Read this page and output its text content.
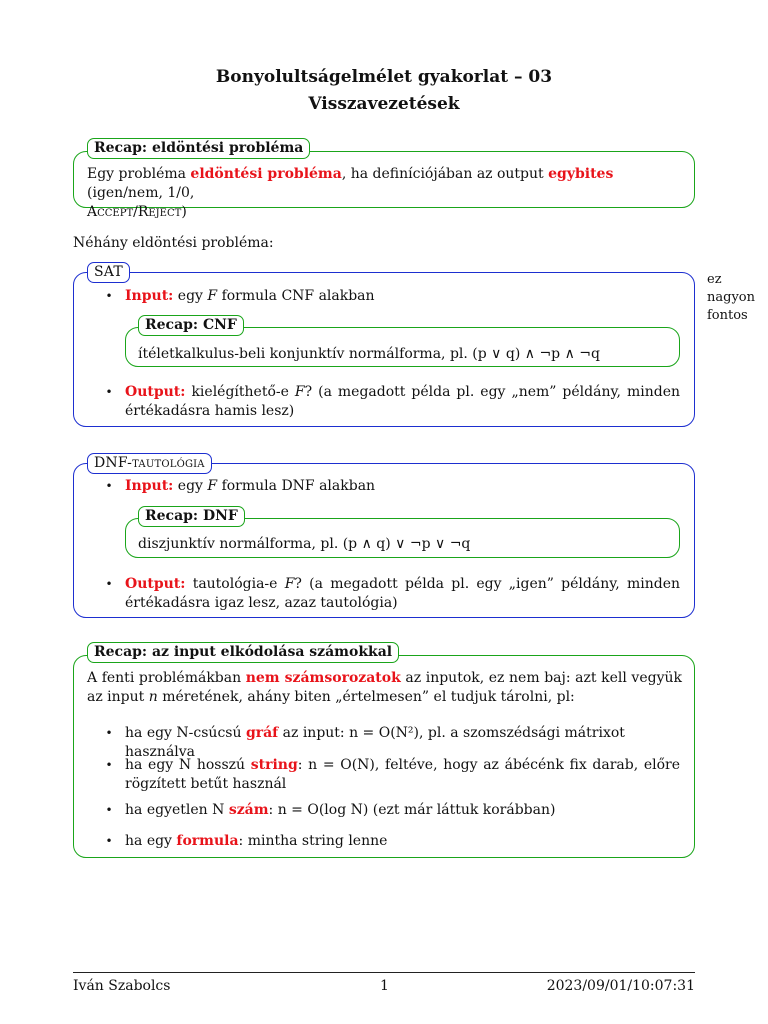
Bonyolultságelmélet gyakorlat – 03
Visszavezetések
Recap: eldöntési probléma
Egy probléma eldöntési probléma, ha definíciójában az output egybites (igen/nem, 1/0,
Accept/Reject)
Néhány eldöntési probléma:
SAT
• Input: egy F formula CNF alakban
Recap: CNF
ítéletkalkulus-beli konjunktív normálforma, pl. (p ∨ q) ∧ ¬p ∧ ¬q
• Output: kielégíthető-e F? (a megadott példa pl. egy „nem” példány, minden értékadásra hamis lesz)
ez
nagyon
fontos
DNF-tautológia
• Input: egy F formula DNF alakban
Recap: DNF
diszjunktív normálforma, pl. (p ∧ q) ∨ ¬p ∨ ¬q
• Output: tautológia-e F? (a megadott példa pl. egy „igen” példány, minden értékadásra igaz lesz, azaz tautológia)
Recap: az input elkódolása számokkal
A fenti problémákban nem számsorozatok az inputok, ez nem baj: azt kell vegyük az input n méretének, ahány biten „értelmesen” el tudjuk tárolni, pl:
• ha egy N-csúcsú gráf az input: n = O(N²), pl. a szomszédsági mátrixot használva
• ha egy N hosszú string: n = O(N), feltéve, hogy az ábécénk fix darab, előre rögzített betűt használ
• ha egyetlen N szám: n = O(log N) (ezt már láttuk korábban)
• ha egy formula: mintha string lenne
Iván Szabolcs	1	2023/09/01/10:07:31
